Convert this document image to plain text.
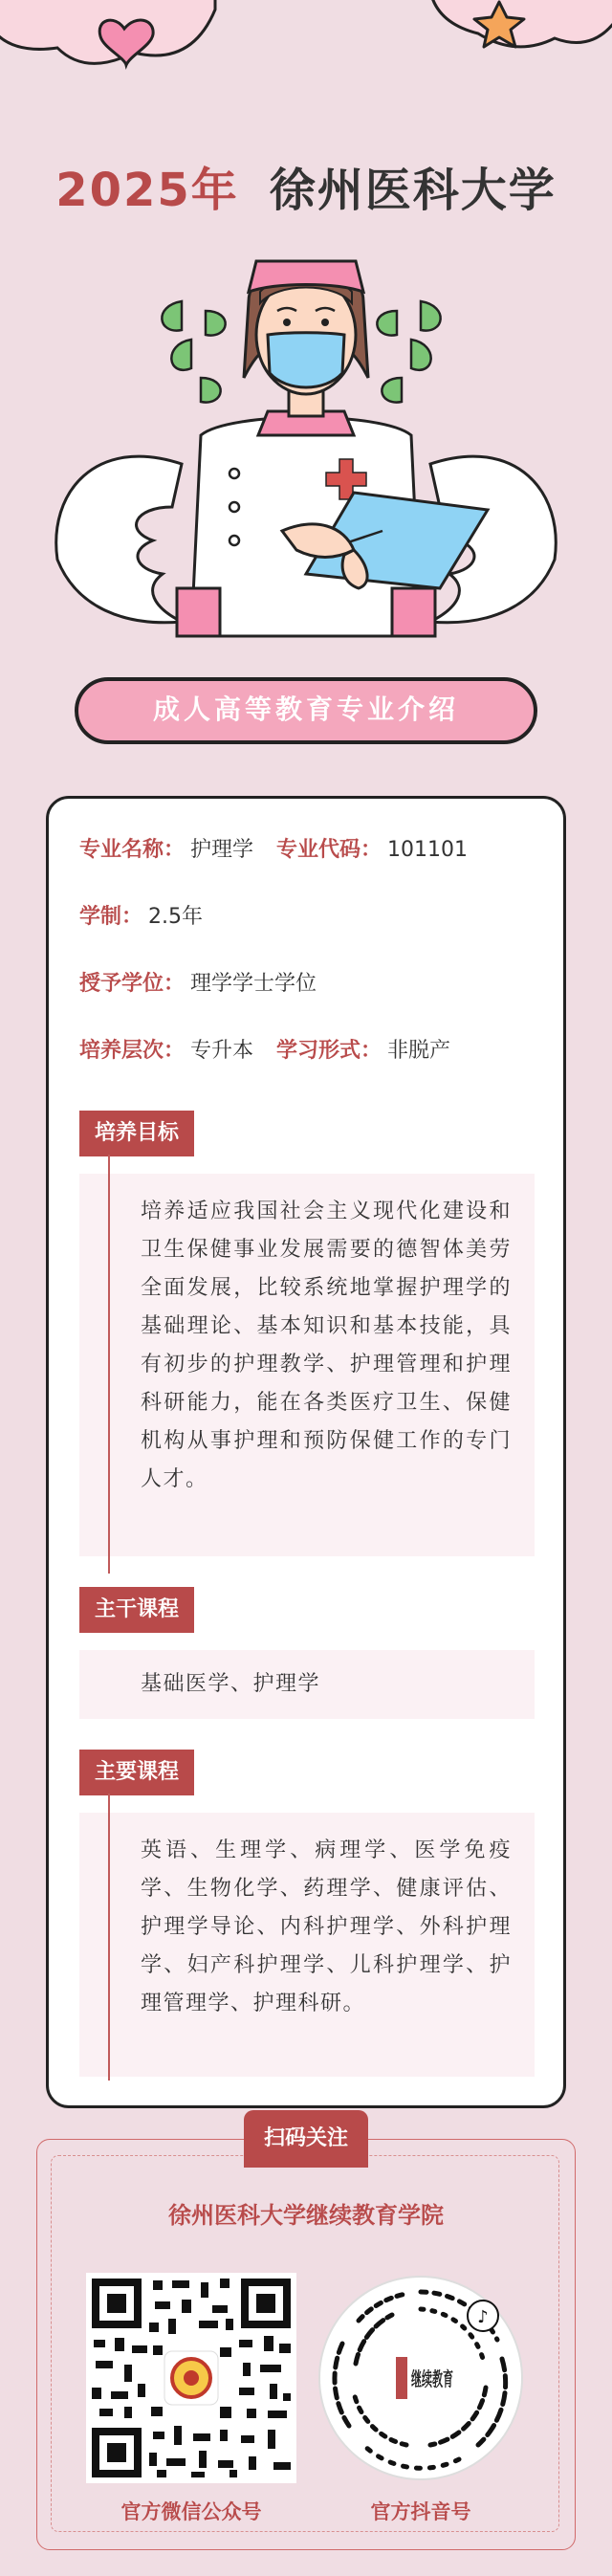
2025年 徐州医科大学
成人高等教育专业介绍
专业名称： 护理学 专业代码： 101101
学制： 2.5年
授予学位： 理学学士学位
培养层次： 专升本 学习形式： 非脱产
培养适应我国社会主义现代化建设和卫生保健事业发展需要的德智体美劳全面发展，比较系统地掌握护理学的基础理论、基本知识和基本技能，具有初步的护理教学、护理管理和护理科研能力，能在各类医疗卫生、保健机构从事护理和预防保健工作的专门人才。
培养目标
基础医学、护理学
主干课程
英语、生理学、病理学、医学免疫学、生物化学、药理学、健康评估、护理学导论、内科护理学、外科护理学、妇产科护理学、儿科护理学、护理管理学、护理科研。
主要课程
扫码关注
徐州医科大学继续教育学院
继续教育
♪
官方微信公众号	官方抖音号
